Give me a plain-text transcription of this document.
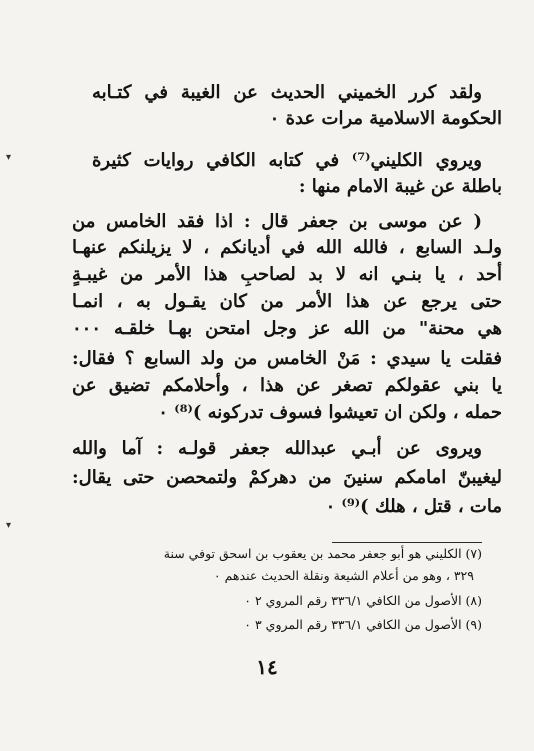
ولقد كرر الخميني الحديث عن الغيبة في كتـابه
الحكومة الاسلامية مرات عدة ٠
ويروي الكليني⁽⁷⁾ في كتابه الكافي روايات كثيرة
باطلة عن غيبة الامام منها :
( عن موسى بن جعفر قال : اذا فقد الخامس من
ولـد السابع ، فالله الله في أديانكم ، لا يزيلنكم عنهـا
أحد ، يا بنـي انه لا بد لصاحبِ هذا الأمر من غيبـةٍ
حتى يرجع عن هذا الأمر من كان يقـول به ، انمـا
هي محنة" من الله عز وجل امتحن بهـا خلقـه ٠٠٠
فقلت يا سيدي : مَنْ الخامس من ولد السابع ؟ فقال:
يا بني عقولكم تصغر عن هذا ، وأحلامكم تضيق عن
حمله ، ولكن ان تعيشوا فسوف تدركونه )⁽⁸⁾ ٠
ويروى عن أبـي عبدالله جعفر قولـه : آما والله
ليغيبنّ امامكم سنينَ من دهركمْ ولتمحصن حتى يقال:
مات ، قتل ، هلك )⁽⁹⁾ ٠
(٧) الكليني هو أبو جعفر محمد بن يعقوب بن اسحق توفي سنة
٣٢٩ ، وهو من أعلام الشيعة ونقلة الحديث عندهم ٠
(٨) الأصول من الكافي ٣٣٦/١ رقم المروي ٢ ٠
(٩) الأصول من الكافي ٣٣٦/١ رقم المروي ٣ ٠
١٤
▾
▾
